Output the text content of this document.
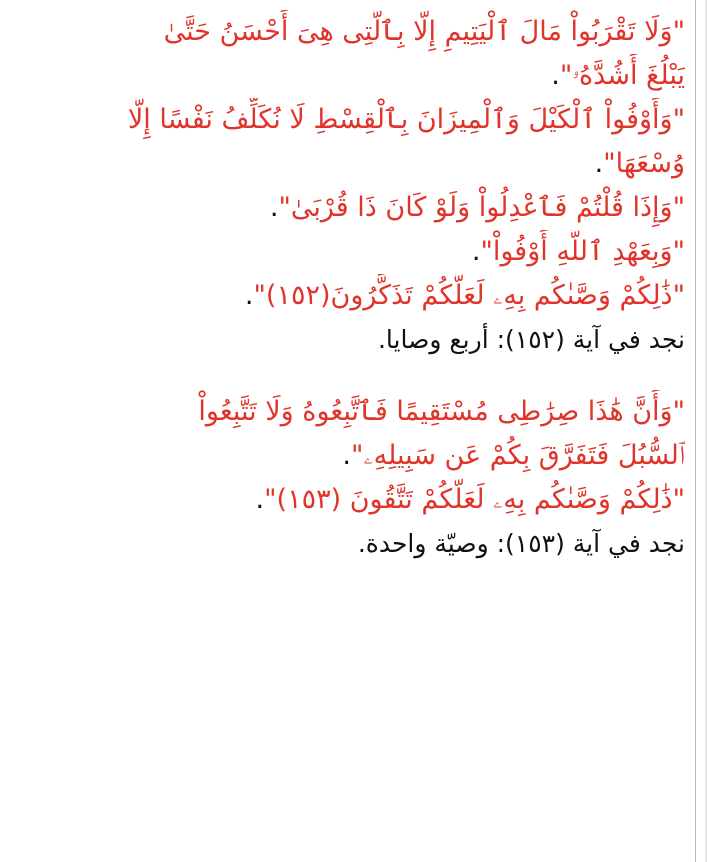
"وَلَا تَقْرَبُواْ مَالَ ٱلْيَتِيمِ إِلَّا بِٱلَّتِى هِىَ أَحْسَنُ حَتَّىٰ

يَبْلُغَ أَشُدَّهُۥ".

"وَأَوْفُواْ ٱلْكَيْلَ وَٱلْمِيزَانَ بِٱلْقِسْطِ لَا نُكَلِّفُ نَفْسًا إِلَّا

وُسْعَهَا".

"وَإِذَا قُلْتُمْ فَٱعْدِلُواْ وَلَوْ كَانَ ذَا قُرْبَىٰ".

"وَبِعَهْدِ ٱللَّهِ أَوْفُواْ".

"ذَٰلِكُمْ وَصَّىٰكُم بِهِۦ لَعَلَّكُمْ تَذَكَّرُونَ(١٥٢)".

نجد في آية (١٥٢): أربع وصايا.

"وَأَنَّ هَٰذَا صِرَٰطِى مُسْتَقِيمًا فَٱتَّبِعُوهُ وَلَا تَتَّبِعُواْ

ٱلسُّبُلَ فَتَفَرَّقَ بِكُمْ عَن سَبِيلِهِۦ".

"ذَٰلِكُمْ وَصَّىٰكُم بِهِۦ لَعَلَّكُمْ تَتَّقُونَ (١٥٣)".

نجد في آية (١٥٣): وصيّة واحدة.
